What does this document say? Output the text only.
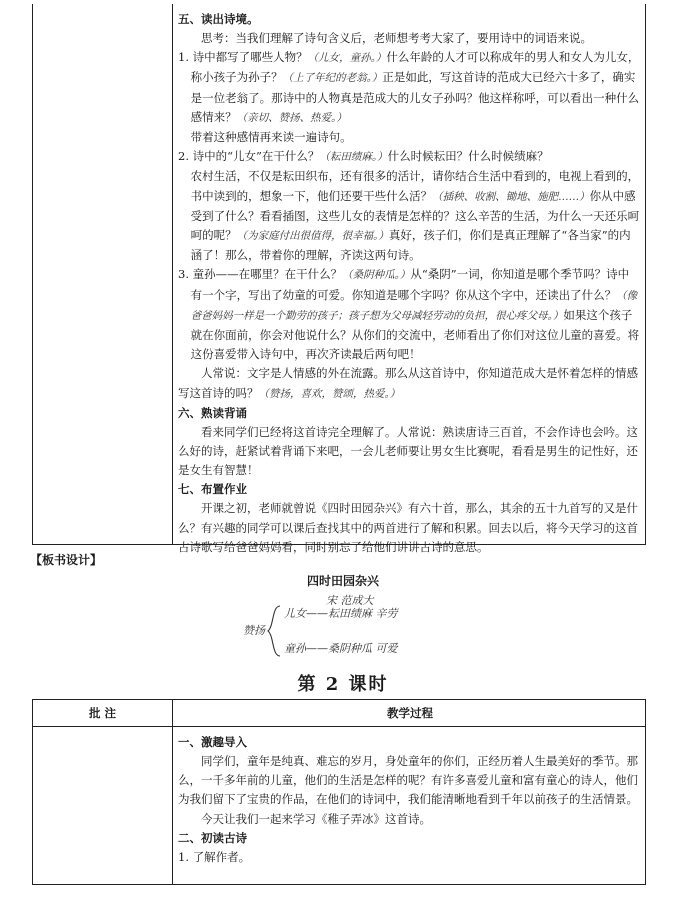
五、读出诗境。

思考：当我们理解了诗句含义后，老师想考考大家了，要用诗中的词语来说。

1. 诗中都写了哪些人物？（儿女，童孙。）什么年龄的人才可以称成年的男人和女人为儿女，称小孩子为孙子？（上了年纪的老翁。）正是如此，写这首诗的范成大已经六十多了，确实是一位老翁了。那诗中的人物真是范成大的儿女子孙吗？他这样称呼，可以看出一种什么感情来？（亲切、赞扬、热爱。）

带着这种感情再来读一遍诗句。

2. 诗中的“儿女”在干什么？（耘田绩麻。）什么时候耘田？什么时候绩麻？

农村生活，不仅是耘田织布，还有很多的活计，请你结合生活中看到的，电视上看到的，书中读到的，想象一下，他们还要干些什么活？（插秧、收割、锄地、施肥……）你从中感受到了什么？看看插图，这些儿女的表情是怎样的？这么辛苦的生活，为什么一天还乐呵呵的呢？（为家庭付出很值得，很幸福。）真好，孩子们，你们是真正理解了“各当家”的内涵了！那么，带着你的理解，齐读这两句诗。

3. 童孙——在哪里？在干什么？（桑阴种瓜。）从“桑阴”一词，你知道是哪个季节吗？诗中有一个字，写出了幼童的可爱。你知道是哪个字吗？你从这个字中，还读出了什么？（像爸爸妈妈一样是一个勤劳的孩子；孩子想为父母减轻劳动的负担，很心疼父母。）如果这个孩子就在你面前，你会对他说什么？从你们的交流中，老师看出了你们对这位儿童的喜爱。将这份喜爱带入诗句中，再次齐读最后两句吧！

人常说：文字是人情感的外在流露。那么从这首诗中，你知道范成大是怀着怎样的情感写这首诗的吗？（赞扬，喜欢，赞颂，热爱。）

六、熟读背诵

看来同学们已经将这首诗完全理解了。人常说：熟读唐诗三百首，不会作诗也会吟。这么好的诗，赶紧试着背诵下来吧，一会儿老师要让男女生比赛呢，看看是男生的记性好，还是女生有智慧！

七、布置作业

开课之初，老师就曾说《四时田园杂兴》有六十首，那么，其余的五十九首写的又是什么？有兴趣的同学可以课后查找其中的两首进行了解和积累。回去以后，将今天学习的这首古诗歌写给爸爸妈妈看，同时别忘了给他们讲讲古诗的意思。

【板书设计】
四时田园杂兴
宋 范成大
赞扬
儿女——耘田绩麻 辛劳
童孙——桑阴种瓜 可爱
第 2 课时
批 注	教学过程
一、激趣导入

同学们，童年是纯真、难忘的岁月，身处童年的你们，正经历着人生最美好的季节。那么，一千多年前的儿童，他们的生活是怎样的呢？有许多喜爱儿童和富有童心的诗人，他们为我们留下了宝贵的作品，在他们的诗词中，我们能清晰地看到千年以前孩子的生活情景。

今天让我们一起来学习《稚子弄冰》这首诗。

二、初读古诗

1. 了解作者。
